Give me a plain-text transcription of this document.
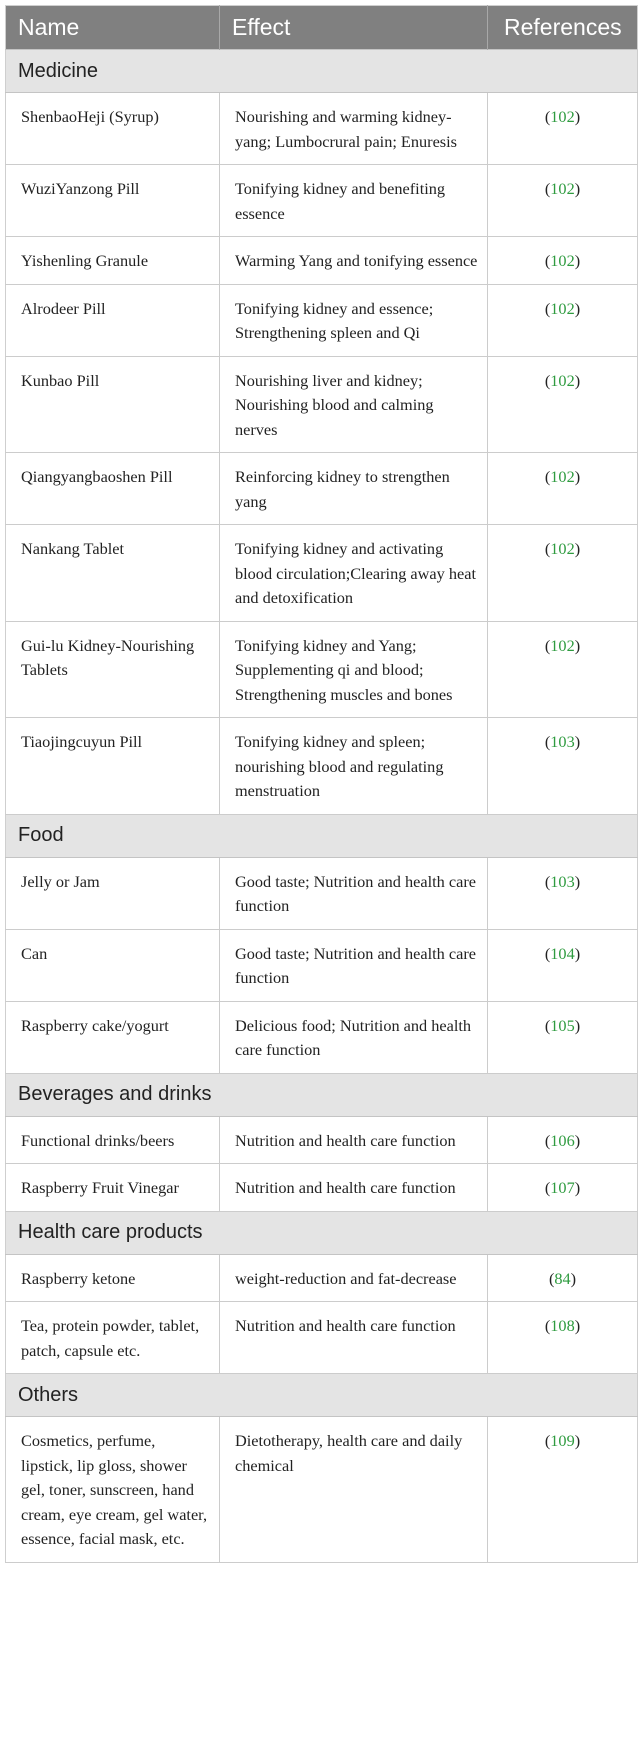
Name	Effect	References
Medicine		
ShenbaoHeji (Syrup)	Nourishing and warming kidney-yang; Lumbocrural pain; Enuresis	(102)
WuziYanzong Pill	Tonifying kidney and benefiting essence	(102)
Yishenling Granule	Warming Yang and tonifying essence	(102)
Alrodeer Pill	Tonifying kidney and essence; Strengthening spleen and Qi	(102)
Kunbao Pill	Nourishing liver and kidney; Nourishing blood and calming nerves	(102)
Qiangyangbaoshen Pill	Reinforcing kidney to strengthen yang	(102)
Nankang Tablet	Tonifying kidney and activating blood circulation;Clearing away heat and detoxification	(102)
Gui-lu Kidney-Nourishing Tablets	Tonifying kidney and Yang; Supplementing qi and blood; Strengthening muscles and bones	(102)
Tiaojingcuyun Pill	Tonifying kidney and spleen; nourishing blood and regulating menstruation	(103)
Food		
Jelly or Jam	Good taste; Nutrition and health care function	(103)
Can	Good taste; Nutrition and health care function	(104)
Raspberry cake/yogurt	Delicious food; Nutrition and health care function	(105)
Beverages and drinks		
Functional drinks/beers	Nutrition and health care function	(106)
Raspberry Fruit Vinegar	Nutrition and health care function	(107)
Health care products		
Raspberry ketone	weight-reduction and fat-decrease	(84)
Tea, protein powder, tablet, patch, capsule etc.	Nutrition and health care function	(108)
Others		
Cosmetics, perfume, lipstick, lip gloss, shower gel, toner, sunscreen, hand cream, eye cream, gel water, essence, facial mask, etc.	Dietotherapy, health care and daily chemical	(109)
